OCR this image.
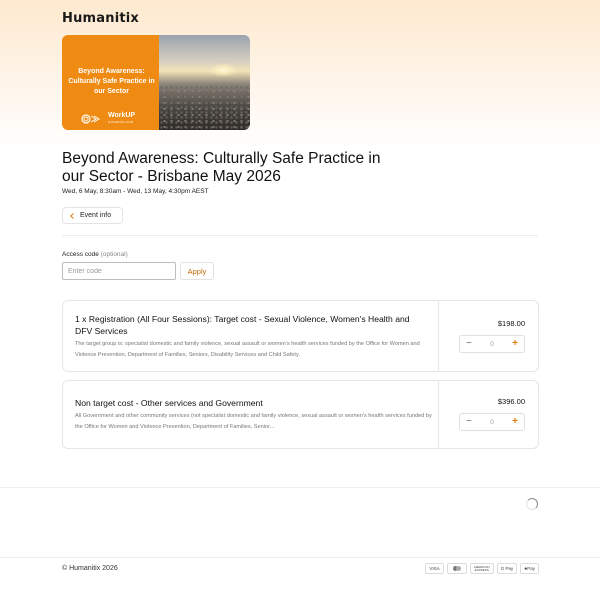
Humanitix
Beyond Awareness: Culturally Safe Practice in our Sector
WorkUP
QUEENSLAND
Beyond Awareness: Culturally Safe Practice in our Sector - Brisbane May 2026
Wed, 6 May, 8:30am - Wed, 13 May, 4:30pm AEST
Event info
Access code (optional)
Enter code
Apply
1 x Registration (All Four Sessions): Target cost - Sexual Violence, Women's Health and DFV Services
The target group is: specialist domestic and family violence, sexual assault or women's health services funded by the Office for Women and Violence Prevention, Department of Families, Seniors, Disability Services and Child Safety.
$198.00
−	0 +
Non target cost - Other services and Government
All Government and other community services (not specialist domestic and family violence, sexual assault or women's health services funded by the Office for Women and Violence Prevention, Department of Families, Senior...
$396.00
−	0 +
© Humanitix 2026	VISA	AMERICAN EXPRESS	G Pay	● Pay
